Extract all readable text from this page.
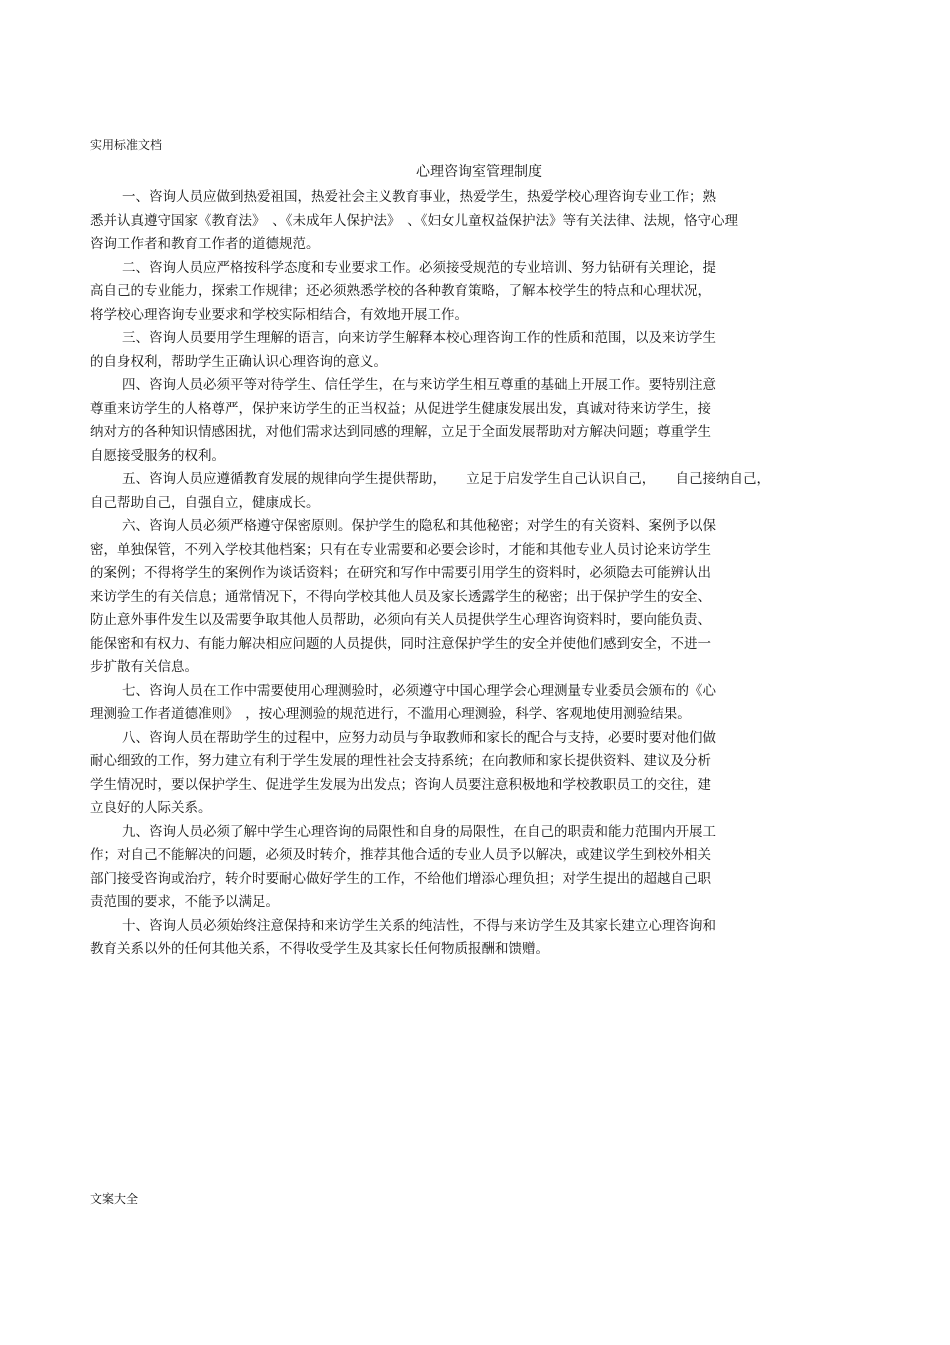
实用标准文档
心理咨询室管理制度
一、咨询人员应做到热爱祖国，热爱社会主义教育事业，热爱学生，热爱学校心理咨询专业工作；熟
悉并认真遵守国家《教育法》　、《未成年人保护法》　、《妇女儿童权益保护法》等有关法律、法规，恪守心理
咨询工作者和教育工作者的道德规范。
二、咨询人员应严格按科学态度和专业要求工作。必须接受规范的专业培训、努力钻研有关理论，提
高自己的专业能力，探索工作规律；还必须熟悉学校的各种教育策略，了解本校学生的特点和心理状况，
将学校心理咨询专业要求和学校实际相结合，有效地开展工作。
三、咨询人员要用学生理解的语言，向来访学生解释本校心理咨询工作的性质和范围，以及来访学生
的自身权利，帮助学生正确认识心理咨询的意义。
四、咨询人员必须平等对待学生、信任学生，在与来访学生相互尊重的基础上开展工作。要特别注意
尊重来访学生的人格尊严，保护来访学生的正当权益；从促进学生健康发展出发，真诚对待来访学生，接
纳对方的各种知识情感困扰，对他们需求达到同感的理解，立足于全面发展帮助对方解决问题；尊重学生
自愿接受服务的权利。
五、咨询人员应遵循教育发展的规律向学生提供帮助，　　立足于启发学生自己认识自己，　　自己接纳自己，
自己帮助自己，自强自立，健康成长。
六、咨询人员必须严格遵守保密原则。保护学生的隐私和其他秘密；对学生的有关资料、案例予以保
密，单独保管，不列入学校其他档案；只有在专业需要和必要会诊时，才能和其他专业人员讨论来访学生
的案例；不得将学生的案例作为谈话资料；在研究和写作中需要引用学生的资料时，必须隐去可能辨认出
来访学生的有关信息；通常情况下，不得向学校其他人员及家长透露学生的秘密；出于保护学生的安全、
防止意外事件发生以及需要争取其他人员帮助，必须向有关人员提供学生心理咨询资料时，要向能负责、
能保密和有权力、有能力解决相应问题的人员提供，同时注意保护学生的安全并使他们感到安全，不进一
步扩散有关信息。
七、咨询人员在工作中需要使用心理测验时，必须遵守中国心理学会心理测量专业委员会颁布的《心
理测验工作者道德准则》　，按心理测验的规范进行，不滥用心理测验，科学、客观地使用测验结果。
八、咨询人员在帮助学生的过程中，应努力动员与争取教师和家长的配合与支持，必要时要对他们做
耐心细致的工作，努力建立有利于学生发展的理性社会支持系统；在向教师和家长提供资料、建议及分析
学生情况时，要以保护学生、促进学生发展为出发点；咨询人员要注意积极地和学校教职员工的交往，建
立良好的人际关系。
九、咨询人员必须了解中学生心理咨询的局限性和自身的局限性，在自己的职责和能力范围内开展工
作；对自己不能解决的问题，必须及时转介，推荐其他合适的专业人员予以解决，或建议学生到校外相关
部门接受咨询或治疗，转介时要耐心做好学生的工作，不给他们增添心理负担；对学生提出的超越自己职
责范围的要求，不能予以满足。
十、咨询人员必须始终注意保持和来访学生关系的纯洁性，不得与来访学生及其家长建立心理咨询和
教育关系以外的任何其他关系，不得收受学生及其家长任何物质报酬和馈赠。
文案大全
